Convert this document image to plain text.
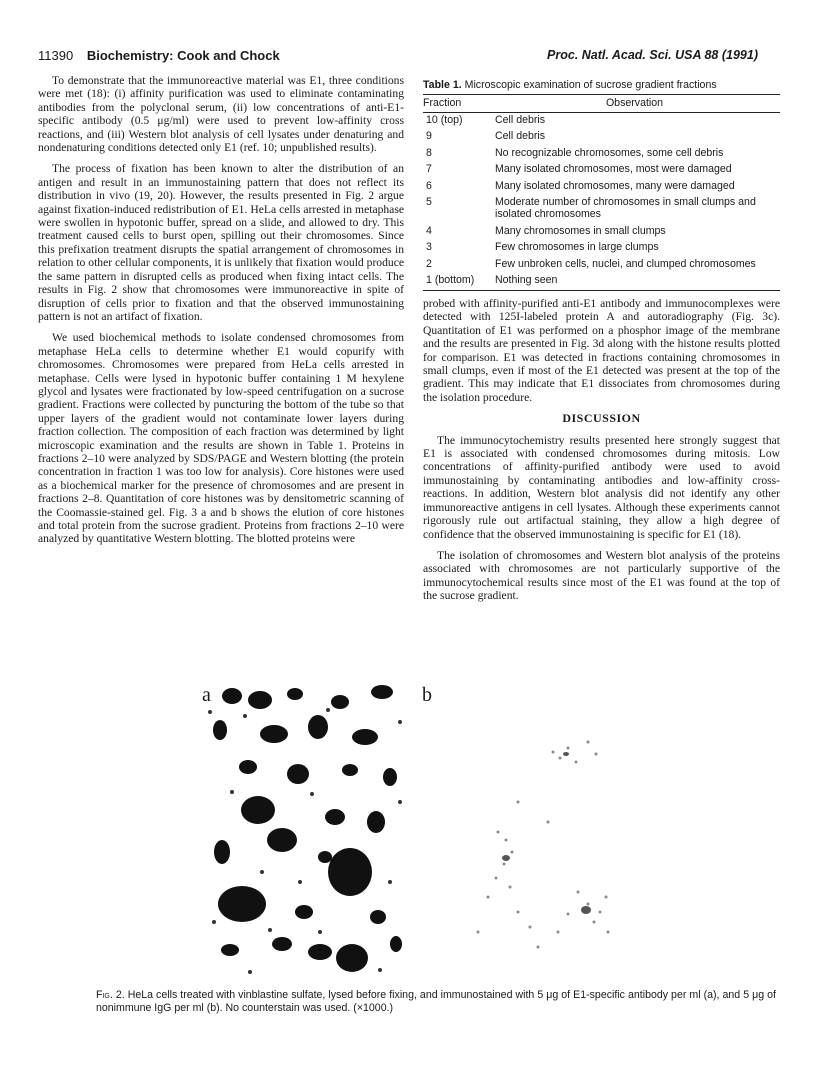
11390 Biochemistry: Cook and Chock	Proc. Natl. Acad. Sci. USA 88 (1991)

To demonstrate that the immunoreactive material was E1, three conditions were met (18): (i) affinity purification was used to eliminate contaminating antibodies from the polyclonal serum, (ii) low concentrations of anti-E1-specific antibody (0.5 μg/ml) were used to prevent low-affinity cross reactions, and (iii) Western blot analysis of cell lysates under denaturing and nondenaturing conditions detected only E1 (ref. 10; unpublished results).

The process of fixation has been known to alter the distribution of an antigen and result in an immunostaining pattern that does not reflect its distribution in vivo (19, 20). However, the results presented in Fig. 2 argue against fixation-induced redistribution of E1. HeLa cells arrested in metaphase were swollen in hypotonic buffer, spread on a slide, and allowed to dry. This treatment caused cells to burst open, spilling out their chromosomes. Since this prefixation treatment disrupts the spatial arrangement of chromosomes in relation to other cellular components, it is unlikely that fixation would produce the same pattern in disrupted cells as produced when fixing intact cells. The results in Fig. 2 show that chromosomes were immunoreactive in spite of disruption of cells prior to fixation and that the observed immunostaining pattern is not an artifact of fixation.

We used biochemical methods to isolate condensed chromosomes from metaphase HeLa cells to determine whether E1 would copurify with chromosomes. Chromosomes were prepared from HeLa cells arrested in metaphase. Cells were lysed in hypotonic buffer containing 1 M hexylene glycol and lysates were fractionated by low-speed centrifugation on a sucrose gradient. Fractions were collected by puncturing the bottom of the tube so that upper layers of the gradient would not contaminate lower layers during fraction collection. The composition of each fraction was determined by light microscopic examination and the results are shown in Table 1. Proteins in fractions 2–10 were analyzed by SDS/PAGE and Western blotting (the protein concentration in fraction 1 was too low for analysis). Core histones were used as a biochemical marker for the presence of chromosomes and are present in fractions 2–8. Quantitation of core histones was by densitometric scanning of the Coomassie-stained gel. Fig. 3 a and b shows the elution of core histones and total protein from the sucrose gradient. Proteins from fractions 2–10 were analyzed by quantitative Western blotting. The blotted proteins were

Table 1. Microscopic examination of sucrose gradient fractions
Fraction	Observation
10 (top)	Cell debris
9	Cell debris
8	No recognizable chromosomes, some cell debris
7	Many isolated chromosomes, most were damaged
6	Many isolated chromosomes, many were damaged
5	Moderate number of chromosomes in small clumps and isolated chromosomes
4	Many chromosomes in small clumps
3	Few chromosomes in large clumps
2	Few unbroken cells, nuclei, and clumped chromosomes
1 (bottom)	Nothing seen

probed with affinity-purified anti-E1 antibody and immunocomplexes were detected with 125I-labeled protein A and autoradiography (Fig. 3c). Quantitation of E1 was performed on a phosphor image of the membrane and the results are presented in Fig. 3d along with the histone results plotted for comparison. E1 was detected in fractions containing chromosomes in small clumps, even if most of the E1 detected was present at the top of the gradient. This may indicate that E1 dissociates from chromosomes during the isolation procedure.

DISCUSSION

The immunocytochemistry results presented here strongly suggest that E1 is associated with condensed chromosomes during mitosis. Low concentrations of affinity-purified antibody were used to avoid immunostaining by contaminating antibodies and low-affinity cross-reactions. In addition, Western blot analysis did not identify any other immunoreactive antigens in cell lysates. Although these experiments cannot rigorously rule out artifactual staining, they allow a high degree of confidence that the observed immunostaining is specific for E1 (18).

The isolation of chromosomes and Western blot analysis of the proteins associated with chromosomes are not particularly supportive of the immunocytochemical results since most of the E1 was found at the top of the sucrose gradient.

a	b
Fig. 2. HeLa cells treated with vinblastine sulfate, lysed before fixing, and immunostained with 5 μg of E1-specific antibody per ml (a), and 5 μg of nonimmune IgG per ml (b). No counterstain was used. (×1000.)
